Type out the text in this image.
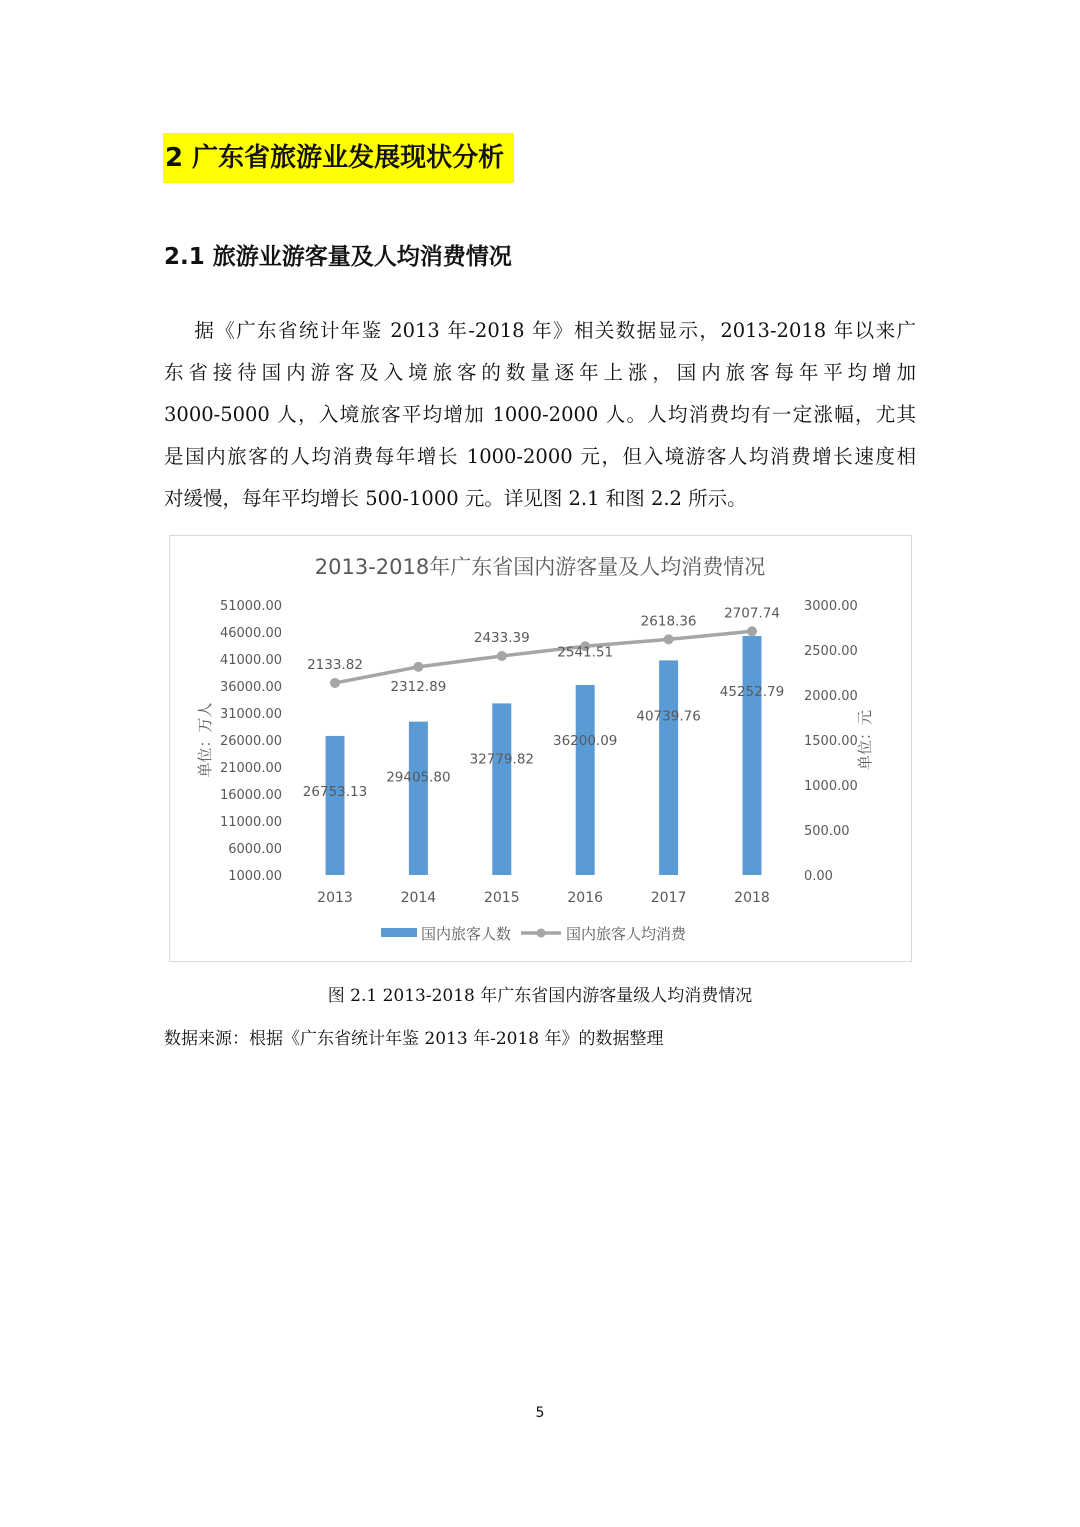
2 广东省旅游业发展现状分析
2.1 旅游业游客量及人均消费情况
据《广东省统计年鉴 2013 年-2018 年》相关数据显示，2013-2018 年以来广
东省接待国内游客及入境旅客的数量逐年上涨，国内旅客每年平均增加
3000-5000 人，入境旅客平均增加 1000-2000 人。人均消费均有一定涨幅，尤其
是国内旅客的人均消费每年增长 1000-2000 元，但入境游客人均消费增长速度相
对缓慢，每年平均增长 500-1000 元。详见图 2.1 和图 2.2 所示。
2013-2018年广东省国内游客量及人均消费情况
51000.00
46000.00
41000.00
36000.00
31000.00
26000.00
21000.00
16000.00
11000.00
6000.00
1000.00
3000.00
2500.00
2000.00
1500.00
1000.00
500.00
0.00
单位：万人	单位：元
2013	2014	2015	2016	2017	2018
26753.13
29405.80
32779.82
36200.09
40739.76
45252.79
2133.82
2312.89
2433.39
2541.51
2618.36
2707.74
国内旅客人数	国内旅客人均消费
图 2.1 2013-2018 年广东省国内游客量级人均消费情况
数据来源：根据《广东省统计年鉴 2013 年-2018 年》的数据整理
5
